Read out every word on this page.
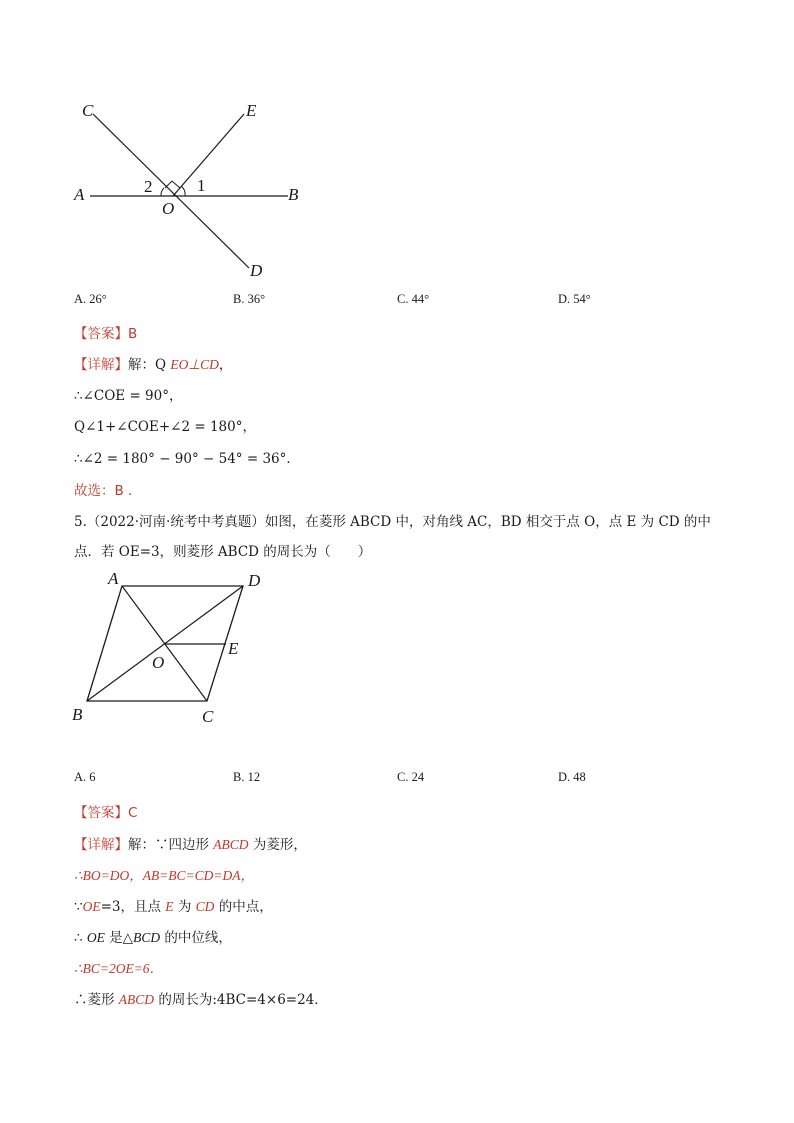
C	E
A	B
O
D
1
2
A. 26°	B. 36°	C. 44°	D. 54°
【答案】B
【详解】解：Q EO⊥CD，
∴∠COE = 90°，
Q∠1+∠COE+∠2 = 180°，
∴∠2 = 180° − 90° − 54° = 36°．
故选：B ．
5.（2022·河南·统考中考真题）如图，在菱形 ABCD 中，对角线 AC，BD 相交于点 O，点 E 为 CD 的中
点．若 OE=3，则菱形 ABCD 的周长为（　　）
A	D
E
O
B	C
A. 6	B. 12	C. 24	D. 48
【答案】C
【详解】解：∵四边形 ABCD 为菱形，
∴BO=DO，AB=BC=CD=DA，
∵OE=3，且点 E 为 CD 的中点，
∴ OE 是△BCD 的中位线，
∴BC=2OE=6．
∴菱形 ABCD 的周长为:4BC=4×6=24．
